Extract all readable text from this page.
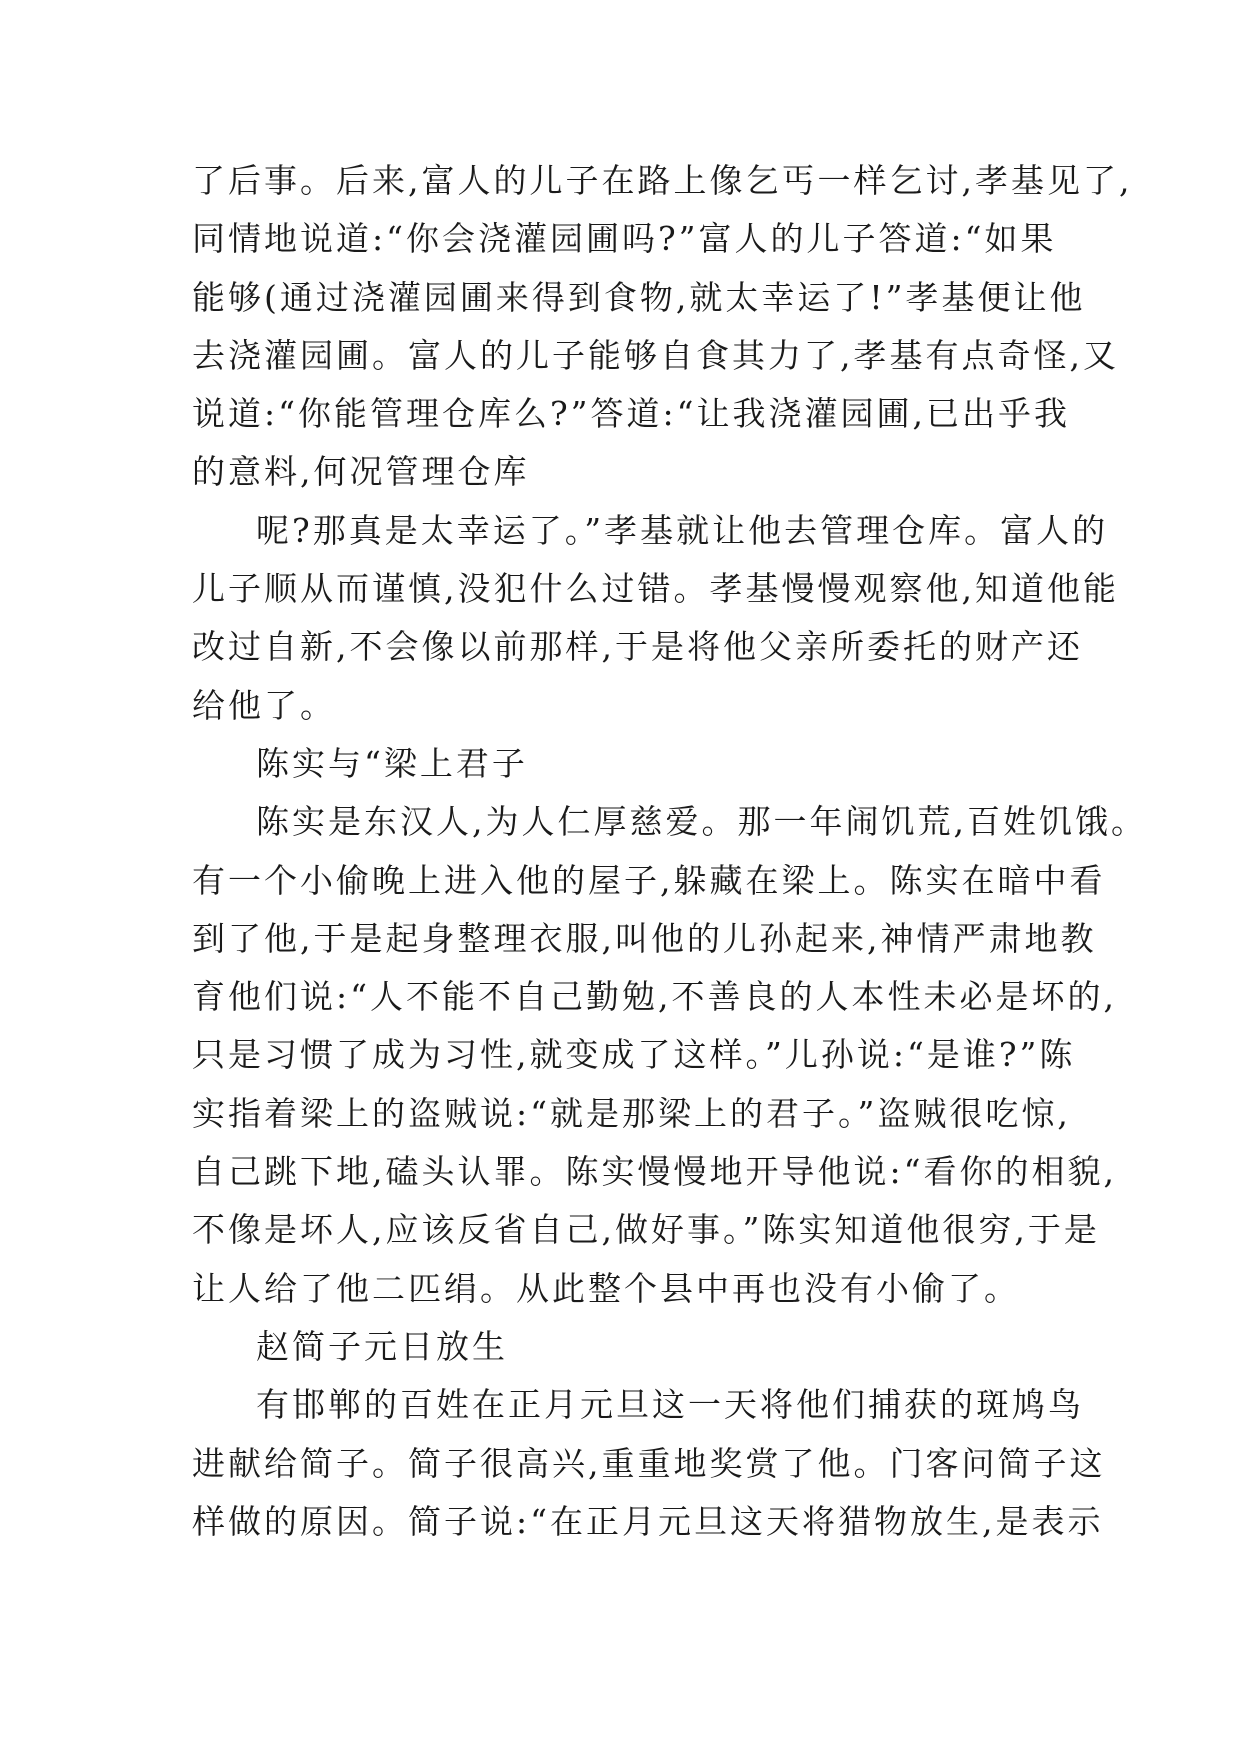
了后事。后来,富人的儿子在路上像乞丐一样乞讨,孝基见了,
同情地说道:“你会浇灌园圃吗?”富人的儿子答道:“如果
能够(通过浇灌园圃来得到食物,就太幸运了!”孝基便让他
去浇灌园圃。富人的儿子能够自食其力了,孝基有点奇怪,又
说道:“你能管理仓库么?”答道:“让我浇灌园圃,已出乎我
的意料,何况管理仓库
呢?那真是太幸运了。”孝基就让他去管理仓库。富人的
儿子顺从而谨慎,没犯什么过错。孝基慢慢观察他,知道他能
改过自新,不会像以前那样,于是将他父亲所委托的财产还
给他了。
陈实与“梁上君子
陈实是东汉人,为人仁厚慈爱。那一年闹饥荒,百姓饥饿。
有一个小偷晚上进入他的屋子,躲藏在梁上。陈实在暗中看
到了他,于是起身整理衣服,叫他的儿孙起来,神情严肃地教
育他们说:“人不能不自己勤勉,不善良的人本性未必是坏的,
只是习惯了成为习性,就变成了这样。”儿孙说:“是谁?”陈
实指着梁上的盗贼说:“就是那梁上的君子。”盗贼很吃惊,
自己跳下地,磕头认罪。陈实慢慢地开导他说:“看你的相貌,
不像是坏人,应该反省自己,做好事。”陈实知道他很穷,于是
让人给了他二匹绢。从此整个县中再也没有小偷了。
赵简子元日放生
有邯郸的百姓在正月元旦这一天将他们捕获的斑鸠鸟
进献给简子。简子很高兴,重重地奖赏了他。门客问简子这
样做的原因。简子说:“在正月元旦这天将猎物放生,是表示
